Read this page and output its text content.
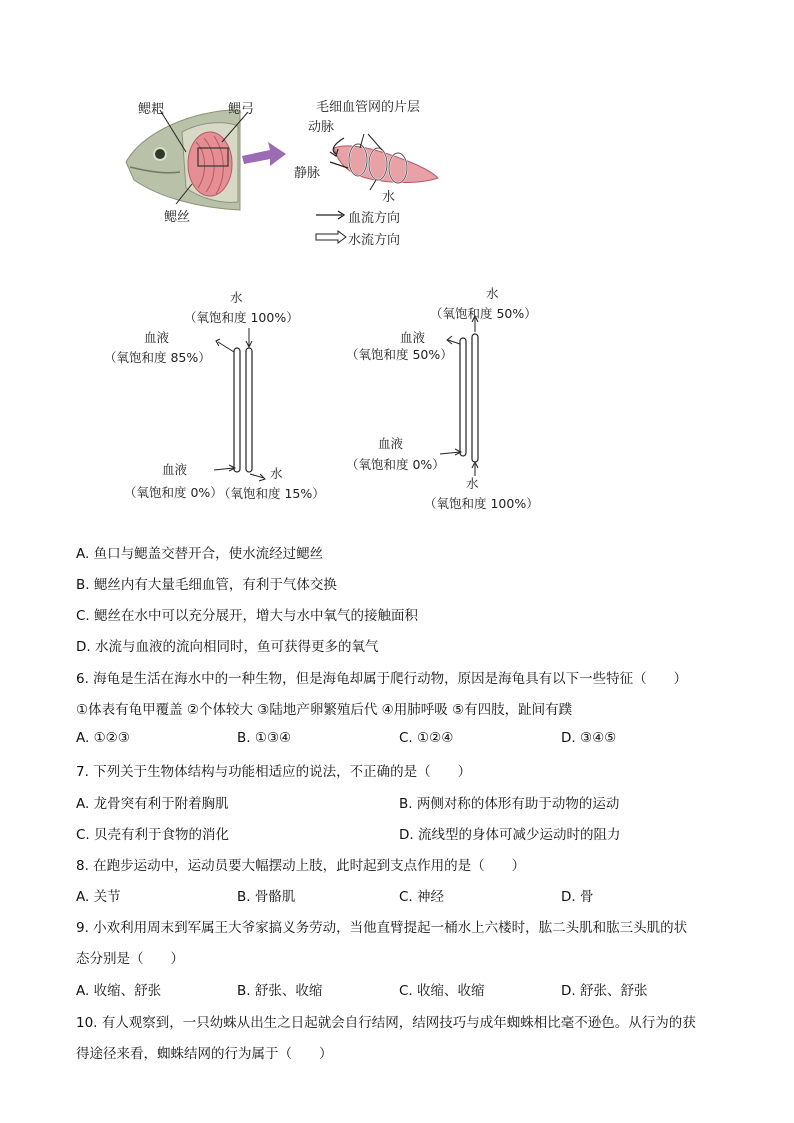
鳃耙	鳃弓
鳃丝
毛细血管网的片层
动脉
静脉
水
血流方向
水流方向
水
（氧饱和度 100%）
血液
（氧饱和度 85%）
血液
（氧饱和度 0%）
水
（氧饱和度 15%）
水
（氧饱和度 50%）
血液
（氧饱和度 50%）
血液
（氧饱和度 0%）
水
（氧饱和度 100%）
A. 鱼口与鳃盖交替开合，使水流经过鳃丝
B. 鳃丝内有大量毛细血管，有利于气体交换
C. 鳃丝在水中可以充分展开，增大与水中氧气的接触面积
D. 水流与血液的流向相同时，鱼可获得更多的氧气
6. 海龟是生活在海水中的一种生物，但是海龟却属于爬行动物，原因是海龟具有以下一些特征（　　）
①体表有龟甲覆盖 ②个体较大 ③陆地产卵繁殖后代 ④用肺呼吸 ⑤有四肢，趾间有蹼
A. ①②③	B. ①③④	C. ①②④	D. ③④⑤
7. 下列关于生物体结构与功能相适应的说法，不正确的是（　　）
A. 龙骨突有利于附着胸肌	B. 两侧对称的体形有助于动物的运动
C. 贝壳有利于食物的消化	D. 流线型的身体可减少运动时的阻力
8. 在跑步运动中，运动员要大幅摆动上肢，此时起到支点作用的是（　　）
A. 关节	B. 骨骼肌	C. 神经	D. 骨
9. 小欢利用周末到军属王大爷家搞义务劳动，当他直臂提起一桶水上六楼时，肱二头肌和肱三头肌的状
态分别是（　　）
A. 收缩、舒张	B. 舒张、收缩	C. 收缩、收缩	D. 舒张、舒张
10. 有人观察到，一只幼蛛从出生之日起就会自行结网，结网技巧与成年蜘蛛相比毫不逊色。从行为的获
得途径来看，蜘蛛结网的行为属于（　　）
